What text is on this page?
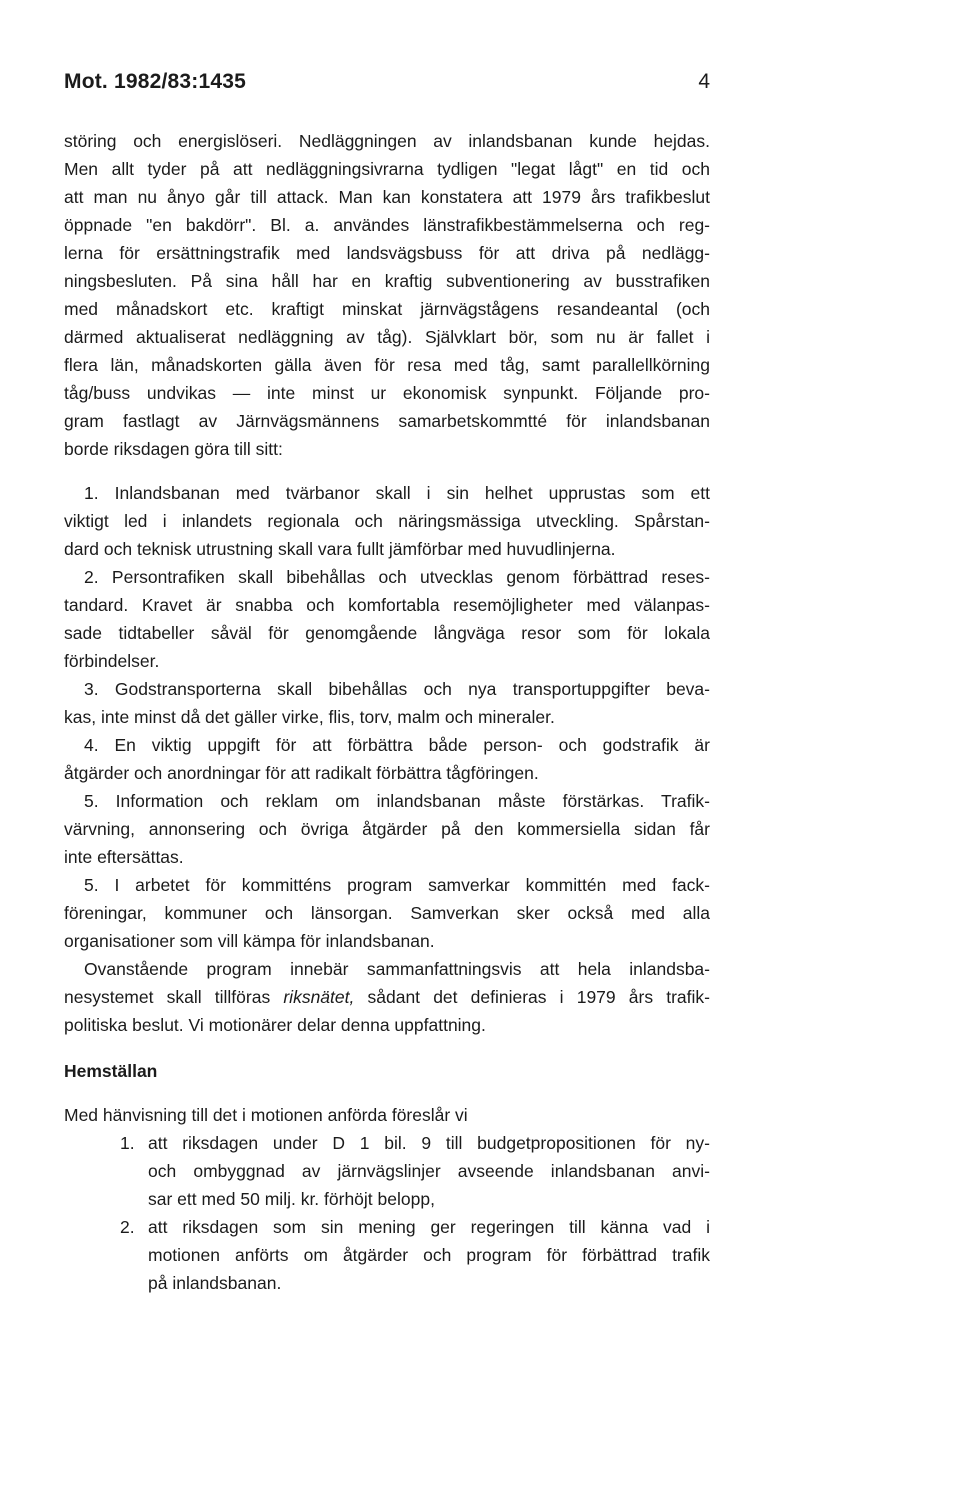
Mot. 1982/83:1435	4
störing och energislöseri. Nedläggningen av inlandsbanan kunde hejdas.
Men allt tyder på att nedläggningsivrarna tydligen "legat lågt" en tid och
att man nu ånyo går till attack. Man kan konstatera att 1979 års trafikbeslut
öppnade "en bakdörr". Bl. a. användes länstrafikbestämmelserna och reg-
lerna för ersättningstrafik med landsvägsbuss för att driva på nedlägg-
ningsbesluten. På sina håll har en kraftig subventionering av busstrafiken
med månadskort etc. kraftigt minskat järnvägstågens resandeantal (och
därmed aktualiserat nedläggning av tåg). Självklart bör, som nu är fallet i
flera län, månadskorten gälla även för resa med tåg, samt parallellkörning
tåg/buss undvikas — inte minst ur ekonomisk synpunkt. Följande pro-
gram fastlagt av Järnvägsmännens samarbetskommtté för inlandsbanan
borde riksdagen göra till sitt:
1. Inlandsbanan med tvärbanor skall i sin helhet upprustas som ett
viktigt led i inlandets regionala och näringsmässiga utveckling. Spårstan-
dard och teknisk utrustning skall vara fullt jämförbar med huvudlinjerna.
2. Persontrafiken skall bibehållas och utvecklas genom förbättrad reses-
tandard. Kravet är snabba och komfortabla resemöjligheter med välanpas-
sade tidtabeller såväl för genomgående långväga resor som för lokala
förbindelser.
3. Godstransporterna skall bibehållas och nya transportuppgifter beva-
kas, inte minst då det gäller virke, flis, torv, malm och mineraler.
4. En viktig uppgift för att förbättra både person- och godstrafik är
åtgärder och anordningar för att radikalt förbättra tågföringen.
5. Information och reklam om inlandsbanan måste förstärkas. Trafik-
värvning, annonsering och övriga åtgärder på den kommersiella sidan får
inte eftersättas.
5. I arbetet för kommitténs program samverkar kommittén med fack-
föreningar, kommuner och länsorgan. Samverkan sker också med alla
organisationer som vill kämpa för inlandsbanan.
Ovanstående program innebär sammanfattningsvis att hela inlandsba-
nesystemet skall tillföras riksnätet, sådant det definieras i 1979 års trafik-
politiska beslut. Vi motionärer delar denna uppfattning.
Hemställan
Med hänvisning till det i motionen anförda föreslår vi
1. att riksdagen under D 1 bil. 9 till budgetpropositionen för ny-
och ombyggnad av järnvägslinjer avseende inlandsbanan anvi-
sar ett med 50 milj. kr. förhöjt belopp,
2. att riksdagen som sin mening ger regeringen till känna vad i
motionen anförts om åtgärder och program för förbättrad trafik
på inlandsbanan.
